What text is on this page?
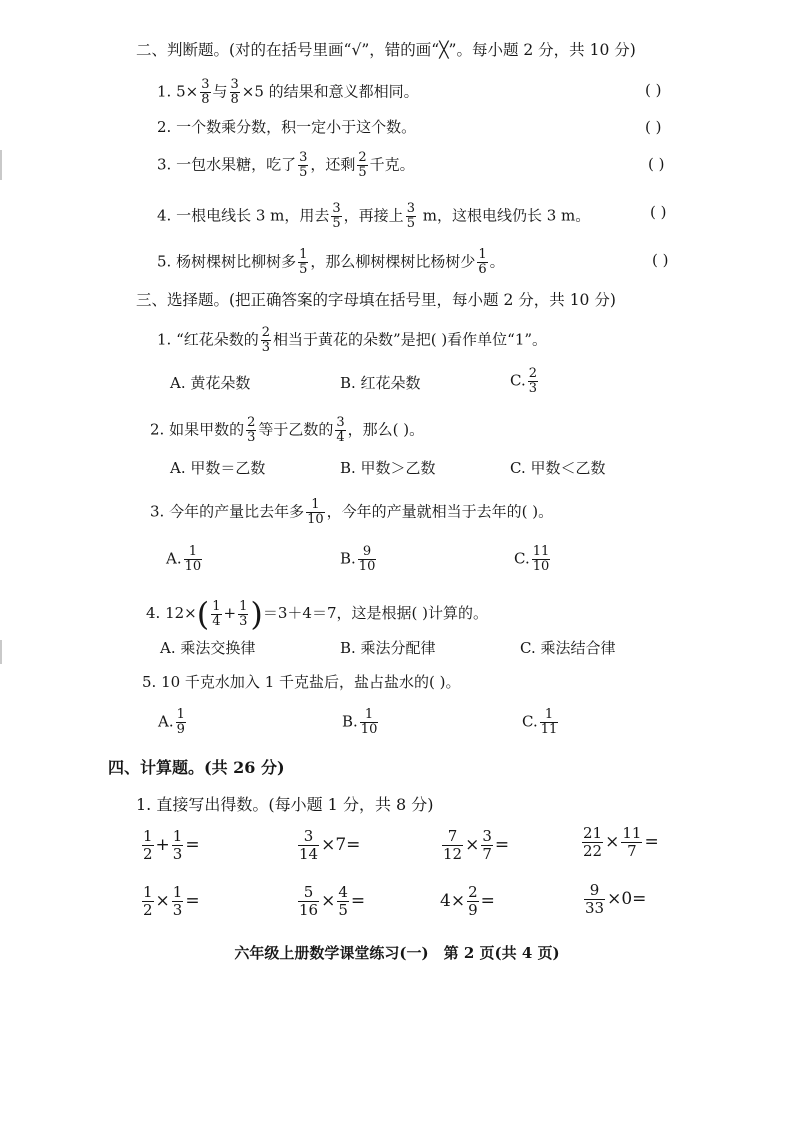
二、判断题。(对的在括号里画“√”，错的画“╳”。每小题 2 分，共 10 分)
1. $5\times \frac{3}{8}$ 与 $\frac{3}{8} \times 5$ 的结果和意义都相同。	( )
2. 一个数乘分数，积一定小于这个数。	( )
3. 一包水果糖，吃了 $\frac{3}{5}$ ，还剩 $\frac{2}{5}$ 千克。	( )
4. 一根电线长 3 m，用去 $\frac{3}{5}$ ，再接上 $\frac{3}{5}$ m，这根电线仍长 3 m。	( )
5. 杨树棵树比柳树多 $\frac{1}{5}$ ，那么柳树棵树比杨树少 $\frac{1}{6}$ 。	( )
三、选择题。(把正确答案的字母填在括号里，每小题 2 分，共 10 分)
1. “红花朵数的 $\frac{2}{3}$ 相当于黄花的朵数”是把( )看作单位“1”。
A. 黄花朵数	B. 红花朵数	C. $\frac{2}{3}$
2. 如果甲数的 $\frac{2}{3}$ 等于乙数的 $\frac{3}{4}$ ，那么( )。
A. 甲数＝乙数	B. 甲数＞乙数	C. 甲数＜乙数
3. 今年的产量比去年多 $\frac{1}{10}$ ，今年的产量就相当于去年的( )。
A. $\frac{1}{10}$	B. $\frac{9}{10}$	C. $\frac{11}{10}$
4. $12\times( \frac{1}{4} + \frac{1}{3} )=3+4=7$，这是根据( )计算的。
A. 乘法交换律	B. 乘法分配律	C. 乘法结合律
5. 10 千克水加入 1 千克盐后，盐占盐水的( )。
A. $\frac{1}{9}$	B. $\frac{1}{10}$	C. $\frac{1}{11}$
四、计算题。(共 26 分)
1. 直接写出得数。(每小题 1 分，共 8 分)
$\frac{1}{2} + \frac{1}{3}$ =	$\frac{3}{14} \times 7=$	$\frac{7}{12} \times \frac{3}{7}$ =	$\frac{21}{22} \times \frac{11}{7}$ =
$\frac{1}{2} \times \frac{1}{3}$ =	$\frac{5}{16} \times \frac{4}{5}$ =	$4\times \frac{2}{9}$ =	$\frac{9}{33} \times 0=$
六年级上册数学课堂练习(一)　第 2 页(共 4 页)
